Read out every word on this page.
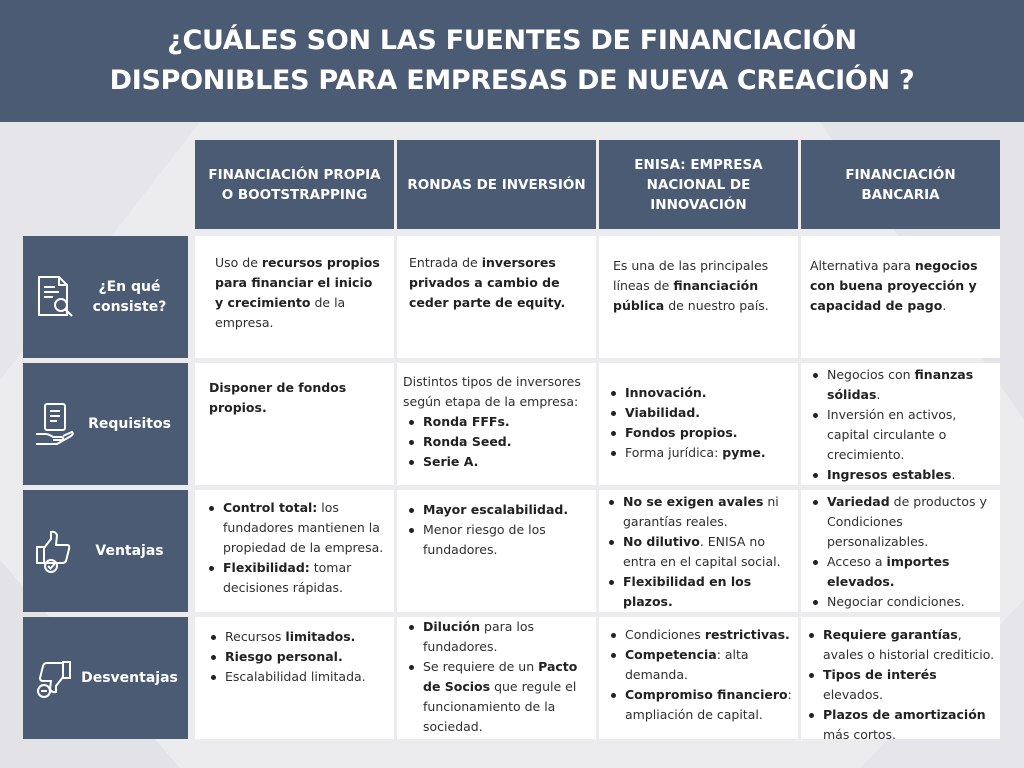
¿CUÁLES SON LAS FUENTES DE FINANCIACIÓN
DISPONIBLES PARA EMPRESAS DE NUEVA CREACIÓN ?
FINANCIACIÓN PROPIA O BOOTSTRAPPING
RONDAS DE INVERSIÓN
ENISA: EMPRESA NACIONAL DE INNOVACIÓN
FINANCIACIÓN BANCARIA
¿En qué consiste?
Requisitos
Ventajas
Desventajas
Uso de recursos propios para financiar el inicio y crecimiento de la empresa.
Entrada de inversores privados a cambio de ceder parte de equity.
Es una de las principales líneas de financiación pública de nuestro país.
Alternativa para negocios con buena proyección y capacidad de pago.
Disponer de fondos propios.
Distintos tipos de inversores según etapa de la empresa:
Ronda FFFs.
Ronda Seed.
Serie A.
Innovación.
Viabilidad.
Fondos propios.
Forma jurídica: pyme.
Negocios con finanzas sólidas.
Inversión en activos, capital circulante o crecimiento.
Ingresos estables.
Control total: los fundadores mantienen la propiedad de la empresa.
Flexibilidad: tomar decisiones rápidas.
Mayor escalabilidad.
Menor riesgo de los fundadores.
No se exigen avales ni garantías reales.
No dilutivo. ENISA no entra en el capital social.
Flexibilidad en los plazos.
Variedad de productos y Condiciones personalizables.
Acceso a importes elevados.
Negociar condiciones.
Recursos limitados.
Riesgo personal.
Escalabilidad limitada.
Dilución para los fundadores.
Se requiere de un Pacto de Socios que regule el funcionamiento de la sociedad.
Condiciones restrictivas.
Competencia: alta demanda.
Compromiso financiero: ampliación de capital.
Requiere garantías, avales o historial crediticio.
Tipos de interés elevados.
Plazos de amortización más cortos.
